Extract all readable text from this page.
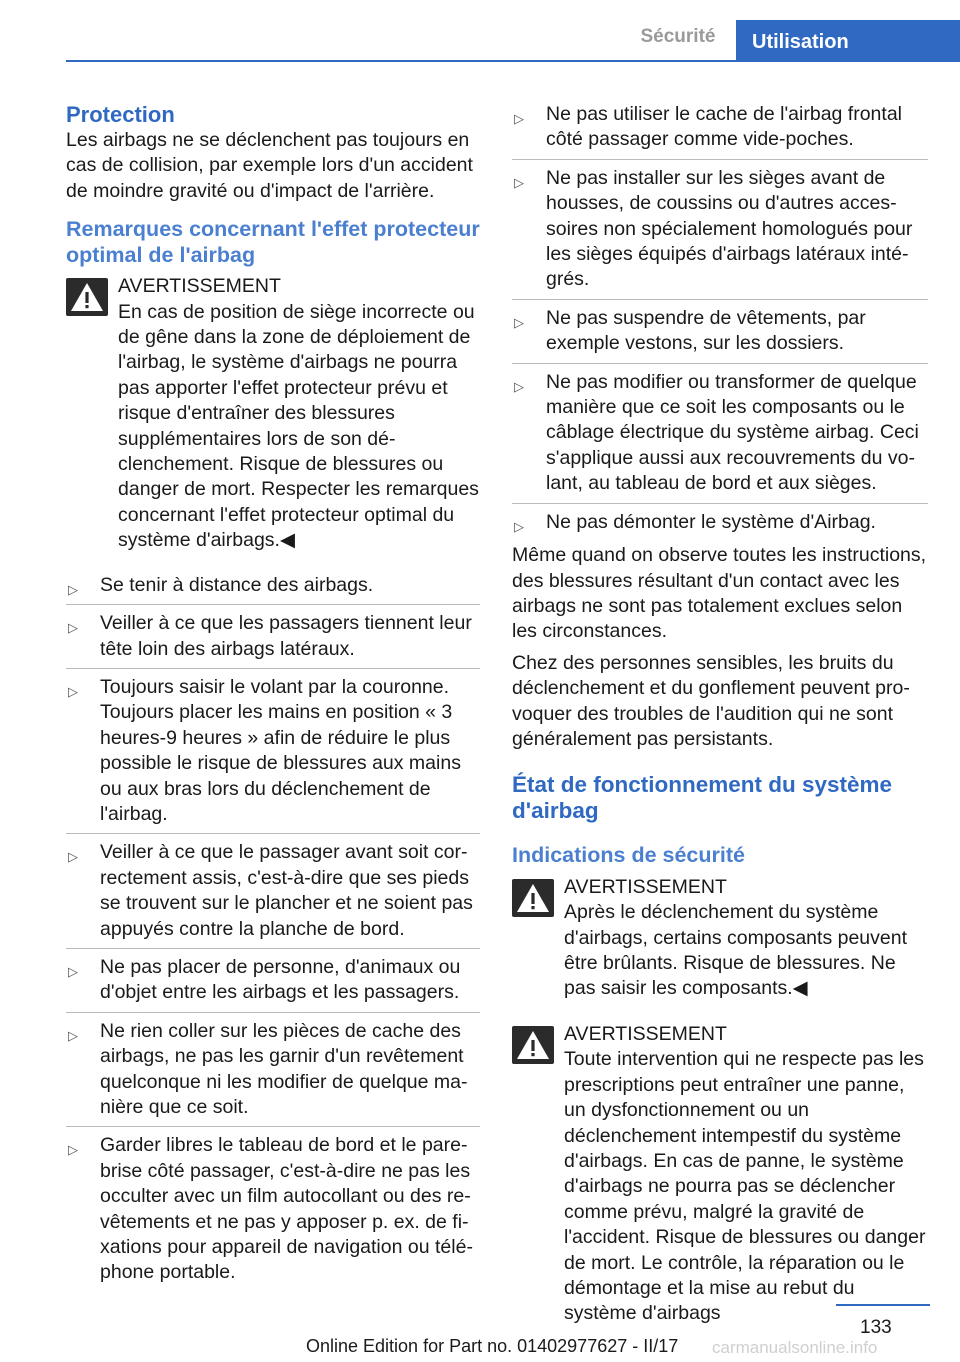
Sécurité	Utilisation
Protection

Les airbags ne se déclenchent pas toujours en cas de collision, par exemple lors d'un accident de moindre gravité ou d'impact de l'arrière.

Remarques concernant l'effet protecteur optimal de l'airbag
AVERTISSEMENT

En cas de position de siège incorrecte ou de gêne dans la zone de déploiement de l'airbag, le système d'airbags ne pourra pas apporter l'effet protecteur prévu et risque d'entraîner des blessures supplémentaires lors de son déclenchement. Risque de blessures ou danger de mort. Respecter les remarques concernant l'effet protecteur optimal du système d'airbags.◀

▷ Se tenir à distance des airbags.
▷ Veiller à ce que les passagers tiennent leur tête loin des airbags latéraux.
▷ Toujours saisir le volant par la couronne. Toujours placer les mains en position « 3 heures-9 heures » afin de réduire le plus possible le risque de blessures aux mains ou aux bras lors du déclenchement de l'airbag.
▷ Veiller à ce que le passager avant soit correctement assis, c'est-à-dire que ses pieds se trouvent sur le plancher et ne soient pas appuyés contre la planche de bord.
▷ Ne pas placer de personne, d'animaux ou d'objet entre les airbags et les passagers.
▷ Ne rien coller sur les pièces de cache des airbags, ne pas les garnir d'un revêtement quelconque ni les modifier de quelque manière que ce soit.
▷ Garder libres le tableau de bord et le pare-brise côté passager, c'est-à-dire ne pas les occulter avec un film autocollant ou des revêtements et ne pas y apposer p. ex. de fixations pour appareil de navigation ou téléphone portable.
▷ Ne pas utiliser le cache de l'airbag frontal côté passager comme vide-poches.
▷ Ne pas installer sur les sièges avant de housses, de coussins ou d'autres accessoires non spécialement homologués pour les sièges équipés d'airbags latéraux intégrés.
▷ Ne pas suspendre de vêtements, par exemple vestons, sur les dossiers.
▷ Ne pas modifier ou transformer de quelque manière que ce soit les composants ou le câblage électrique du système airbag. Ceci s'applique aussi aux recouvrements du volant, au tableau de bord et aux sièges.
▷ Ne pas démonter le système d'Airbag.

Même quand on observe toutes les instructions, des blessures résultant d'un contact avec les airbags ne sont pas totalement exclues selon les circonstances.

Chez des personnes sensibles, les bruits du déclenchement et du gonflement peuvent provoquer des troubles de l'audition qui ne sont généralement pas persistants.

État de fonctionnement du système d'airbag
Indications de sécurité
AVERTISSEMENT

Après le déclenchement du système d'airbags, certains composants peuvent être brûlants. Risque de blessures. Ne pas saisir les composants.◀

AVERTISSEMENT

Toute intervention qui ne respecte pas les prescriptions peut entraîner une panne, un dysfonctionnement ou un déclenchement intempestif du système d'airbags. En cas de panne, le système d'airbags ne pourra pas se déclencher comme prévu, malgré la gravité de l'accident. Risque de blessures ou danger de mort. Le contrôle, la réparation ou le démontage et la mise au rebut du système d'airbags

133
Online Edition for Part no. 01402977627 - II/17 carmanualsonline.info
